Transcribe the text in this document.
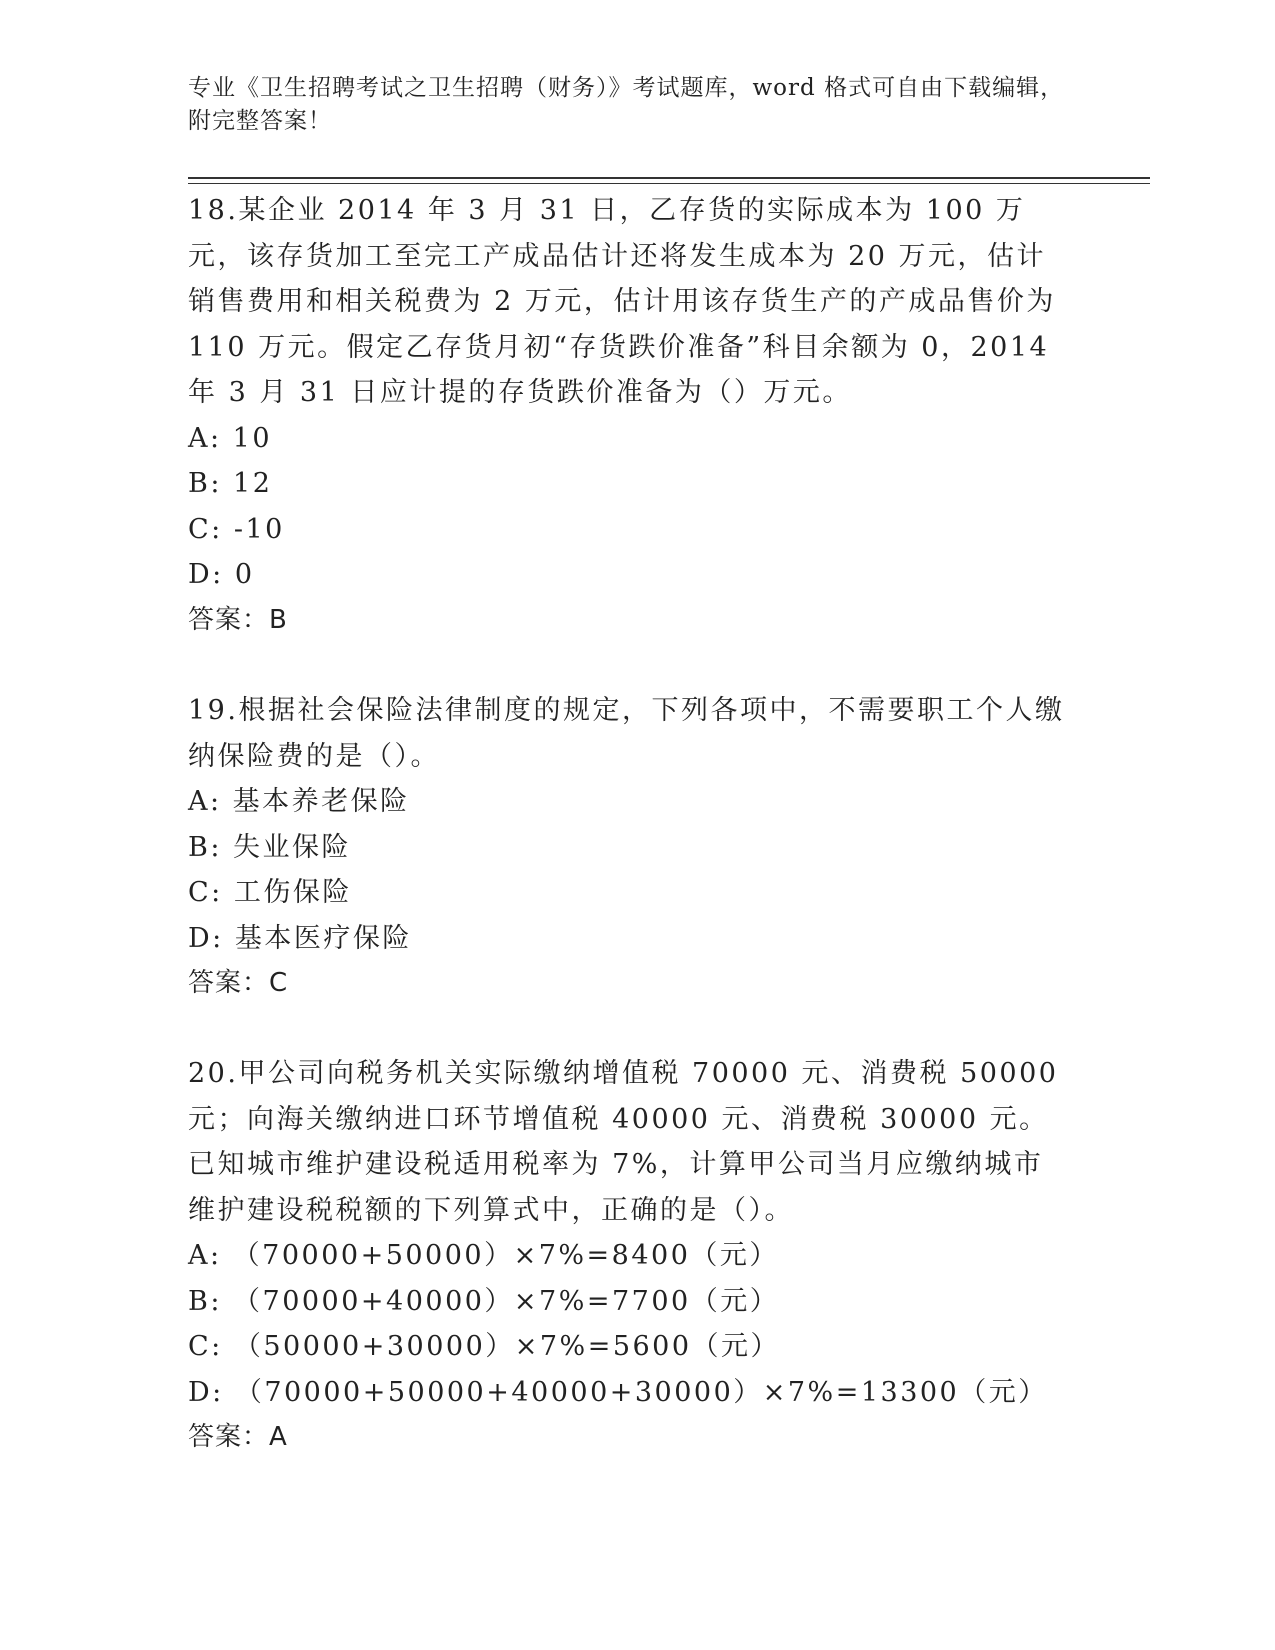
专业《卫生招聘考试之卫生招聘（财务）》考试题库，word 格式可自由下载编辑，附完整答案！
18.某企业 2014 年 3 月 31 日，乙存货的实际成本为 100 万元，该存货加工至完工产成品估计还将发生成本为 20 万元，估计销售费用和相关税费为 2 万元，估计用该存货生产的产成品售价为 110 万元。假定乙存货月初“存货跌价准备”科目余额为 0，2014 年 3 月 31 日应计提的存货跌价准备为（）万元。
A: 10
B: 12
C: -10
D: 0
答案：B
19.根据社会保险法律制度的规定，下列各项中，不需要职工个人缴纳保险费的是（）。
A: 基本养老保险
B: 失业保险
C: 工伤保险
D: 基本医疗保险
答案：C
20.甲公司向税务机关实际缴纳增值税 70000 元、消费税 50000 元；向海关缴纳进口环节增值税 40000 元、消费税 30000 元。已知城市维护建设税适用税率为 7%，计算甲公司当月应缴纳城市维护建设税税额的下列算式中，正确的是（）。
A: （70000+50000）×7%=8400（元）
B: （70000+40000）×7%=7700（元）
C: （50000+30000）×7%=5600（元）
D: （70000+50000+40000+30000）×7%=13300（元）
答案：A
